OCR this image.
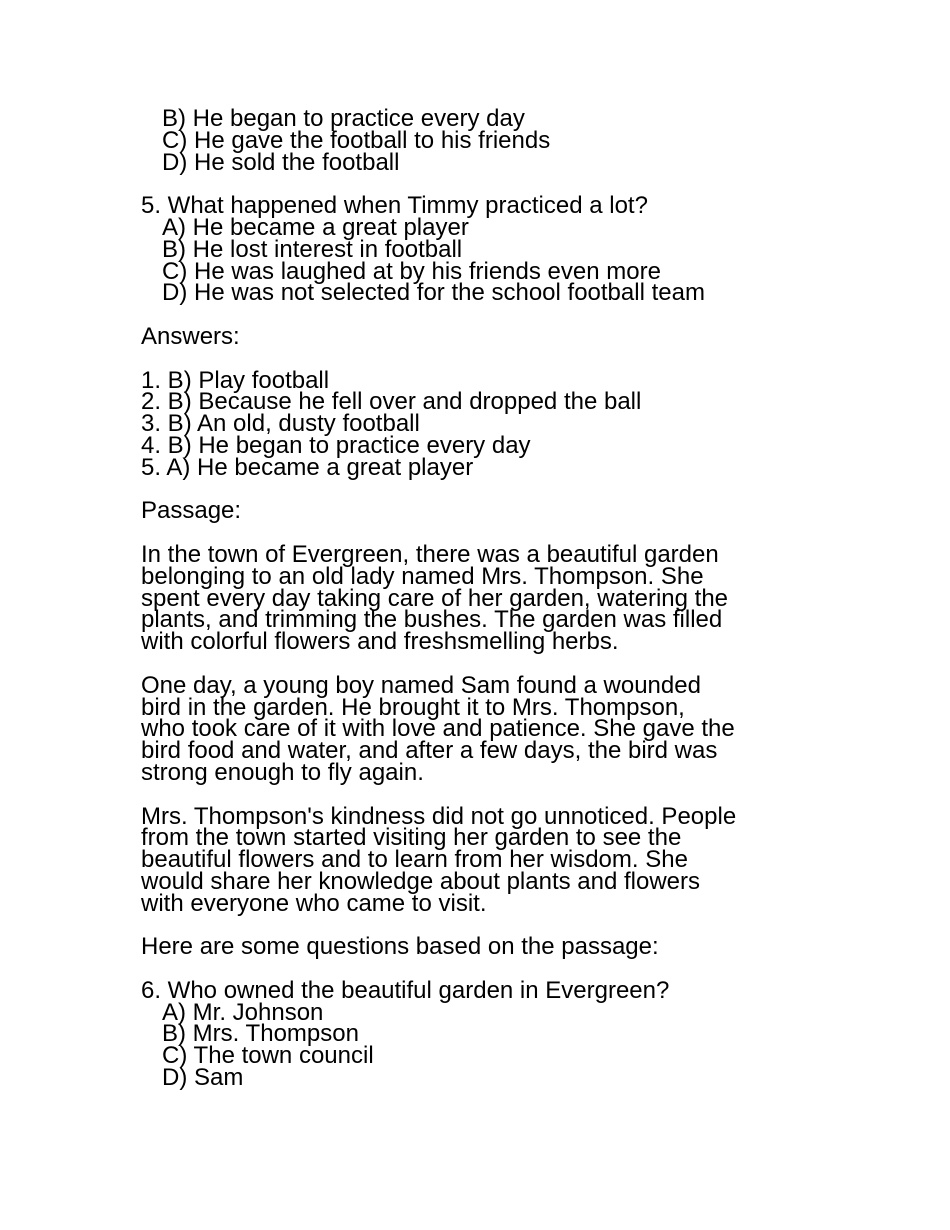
B) He began to practice every day
C) He gave the football to his friends
D) He sold the football
5. What happened when Timmy practiced a lot?
A) He became a great player
B) He lost interest in football
C) He was laughed at by his friends even more
D) He was not selected for the school football team
Answers:
1. B) Play football
2. B) Because he fell over and dropped the ball
3. B) An old, dusty football
4. B) He began to practice every day
5. A) He became a great player
Passage:
In the town of Evergreen, there was a beautiful garden
belonging to an old lady named Mrs. Thompson. She
spent every day taking care of her garden, watering the
plants, and trimming the bushes. The garden was filled
with colorful flowers and freshsmelling herbs.
One day, a young boy named Sam found a wounded
bird in the garden. He brought it to Mrs. Thompson,
who took care of it with love and patience. She gave the
bird food and water, and after a few days, the bird was
strong enough to fly again.
Mrs. Thompson's kindness did not go unnoticed. People
from the town started visiting her garden to see the
beautiful flowers and to learn from her wisdom. She
would share her knowledge about plants and flowers
with everyone who came to visit.
Here are some questions based on the passage:
6. Who owned the beautiful garden in Evergreen?
A) Mr. Johnson
B) Mrs. Thompson
C) The town council
D) Sam
